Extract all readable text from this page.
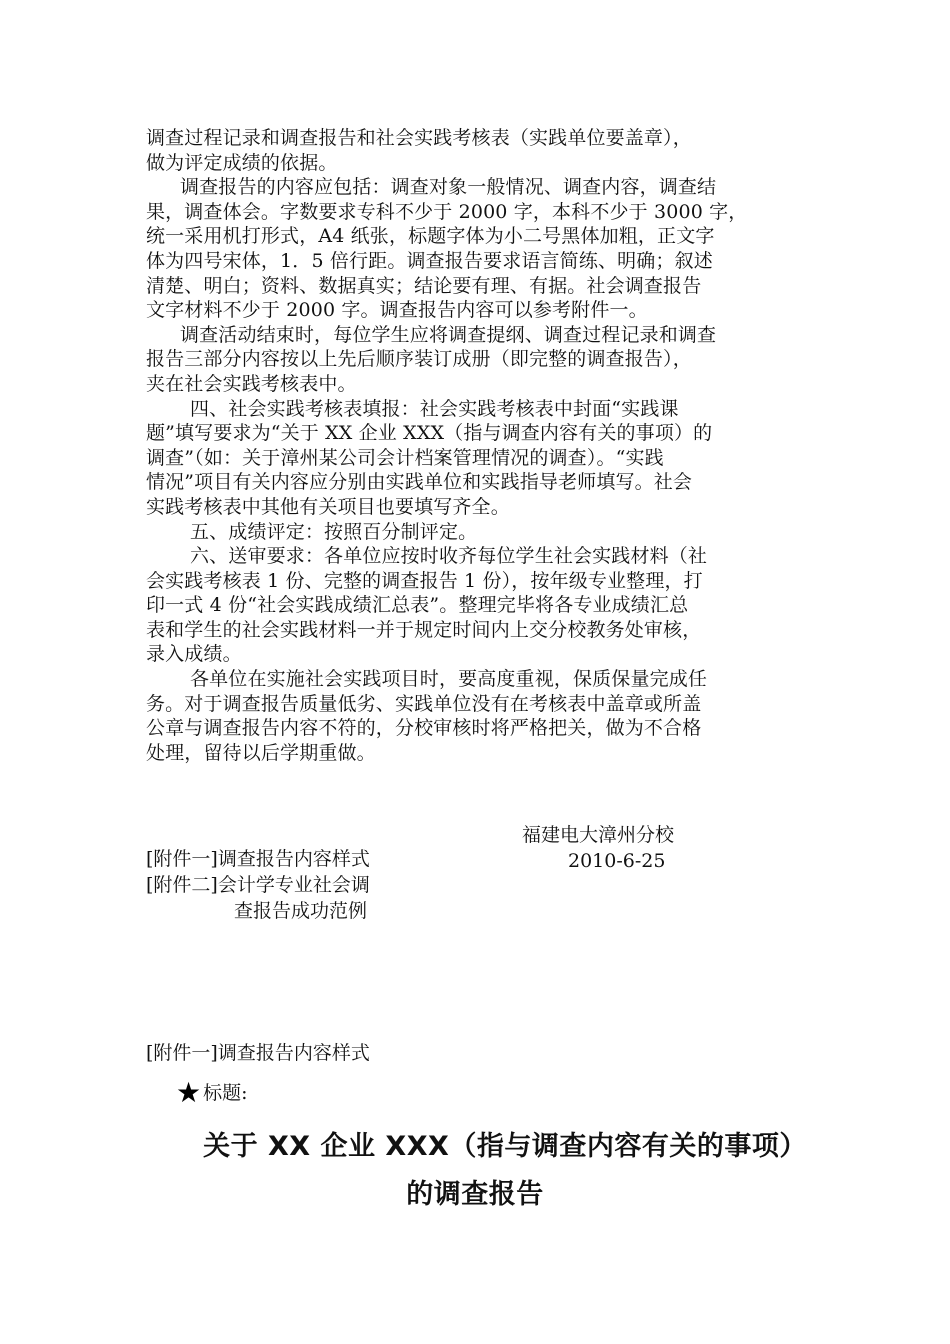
调查过程记录和调查报告和社会实践考核表（实践单位要盖章），
做为评定成绩的依据。
调查报告的内容应包括：调查对象一般情况、调查内容，调查结
果，调查体会。字数要求专科不少于 2000 字，本科不少于 3000 字，
统一采用机打形式，A4 纸张，标题字体为小二号黑体加粗，正文字
体为四号宋体，1．5 倍行距。调查报告要求语言简练、明确；叙述
清楚、明白；资料、数据真实；结论要有理、有据。社会调查报告
文字材料不少于 2000 字。调查报告内容可以参考附件一。
调查活动结束时，每位学生应将调查提纲、调查过程记录和调查
报告三部分内容按以上先后顺序装订成册（即完整的调查报告），
夹在社会实践考核表中。
四、社会实践考核表填报：社会实践考核表中封面“实践课
题”填写要求为“关于 XX 企业 XXX（指与调查内容有关的事项）的
调查”（如：关于漳州某公司会计档案管理情况的调查）。“实践
情况”项目有关内容应分别由实践单位和实践指导老师填写。社会
实践考核表中其他有关项目也要填写齐全。
五、成绩评定：按照百分制评定。
六、送审要求：各单位应按时收齐每位学生社会实践材料（社
会实践考核表 1 份、完整的调查报告 1 份），按年级专业整理，打
印一式 4 份“社会实践成绩汇总表”。整理完毕将各专业成绩汇总
表和学生的社会实践材料一并于规定时间内上交分校教务处审核，
录入成绩。
各单位在实施社会实践项目时，要高度重视，保质保量完成任
务。对于调查报告质量低劣、实践单位没有在考核表中盖章或所盖
公章与调查报告内容不符的，分校审核时将严格把关，做为不合格
处理，留待以后学期重做。
福建电大漳州分校
2010-6-25
[附件一]调查报告内容样式
[附件二]会计学专业社会调
查报告成功范例
[附件一]调查报告内容样式
★ 标题:
关于 XX 企业 XXX（指与调查内容有关的事项）
的调查报告
